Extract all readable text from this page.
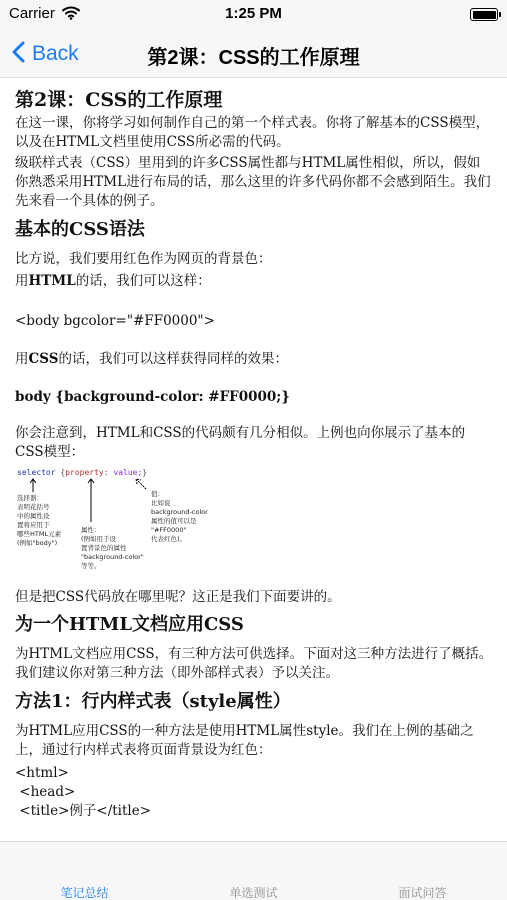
Carrier	1:25 PM
Back	第2课：CSS的工作原理
第2课：CSS的工作原理

在这一课，你将学习如何制作自己的第一个样式表。你将了解基本的CSS模型，以及在HTML文档里使用CSS所必需的代码。

级联样式表（CSS）里用到的许多CSS属性都与HTML属性相似，所以，假如你熟悉采用HTML进行布局的话，那么这里的许多代码你都不会感到陌生。我们先来看一个具体的例子。

基本的CSS语法

比方说，我们要用红色作为网页的背景色：

用HTML的话，我们可以这样：

<body bgcolor="#FF0000">

用CSS的话，我们可以这样获得同样的效果：

body {background-color: #FF0000;}

你会注意到，HTML和CSS的代码颇有几分相似。上例也向你展示了基本的CSS模型：

selector {property: value;}
选择器：
表明花括号
中的属性设
置将应用于
哪些HTML元素
(例如"body")
属性：
(例如用于设
置背景色的属性
"background-color"
等等。
值：
比如说
background-color
属性的值可以是
"#FF0000"
代表红色)。

但是把CSS代码放在哪里呢？这正是我们下面要讲的。

为一个HTML文档应用CSS

为HTML文档应用CSS，有三种方法可供选择。下面对这三种方法进行了概括。我们建议你对第三种方法（即外部样式表）予以关注。

方法1：行内样式表（style属性）

为HTML应用CSS的一种方法是使用HTML属性style。我们在上例的基础之上，通过行内样式表将页面背景设为红色：

<html>

<head>

<title>例子</title>

笔记总结	单选测试	面试问答
